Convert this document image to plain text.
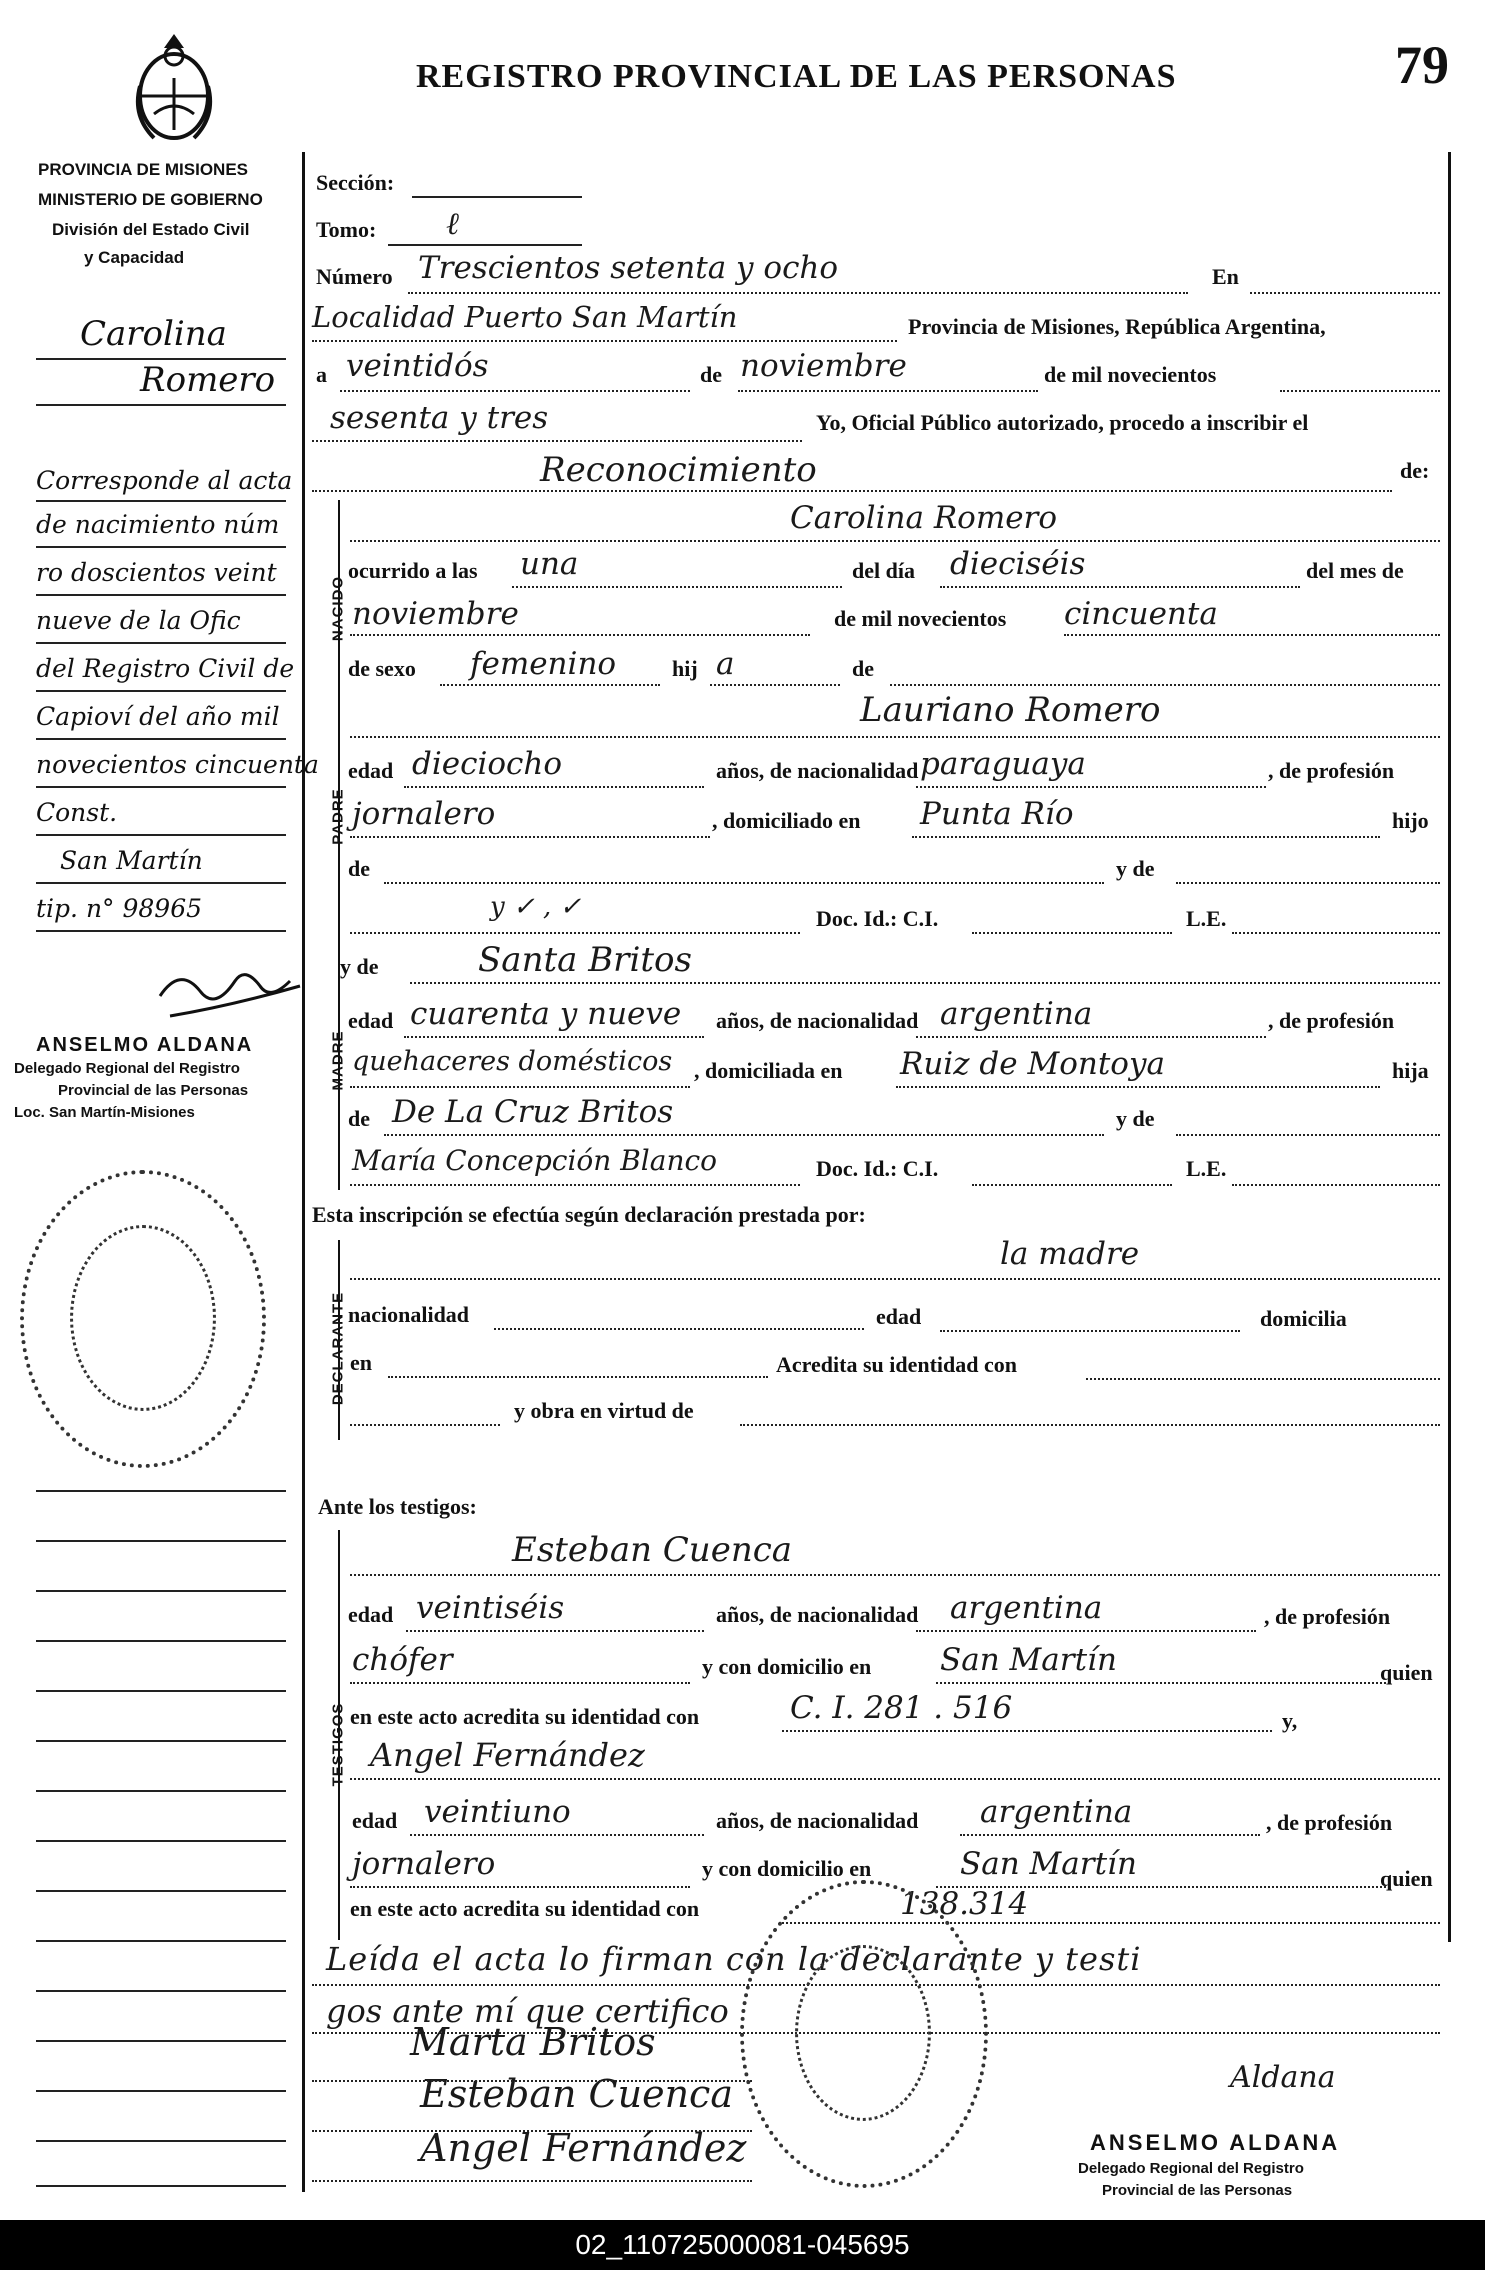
REGISTRO PROVINCIAL DE LAS PERSONAS	79
PROVINCIA DE MISIONES
MINISTERIO DE GOBIERNO
División del Estado Civil
y Capacidad
Carolina
Romero
Corresponde al acta
de nacimiento núm
ro doscientos veint
nueve de la Ofic
del Registro Civil de
Capioví del año mil
novecientos cincuenta
Const.
San Martín
tip. n° 98965
ANSELMO ALDANA
Delegado Regional del Registro
Provincial de las Personas
Loc. San Martín-Misiones
Sección:
Tomo: ℓ
Número Trescientos setenta y ocho	En
Localidad Puerto San Martín	Provincia de Misiones, República Argentina,
a veintidós	de noviembre	de mil novecientos
sesenta y tres	Yo, Oficial Público autorizado, procedo a inscribir el
Reconocimiento	de:
NACIDO
Carolina Romero
ocurrido a las una	del día dieciséis	del mes de
noviembre	de mil novecientos cincuenta
de sexo femenino	hij a	de
PADRE
Lauriano Romero
edad dieciocho	años, de nacionalidad paraguaya	, de profesión
jornalero	, domiciliado en Punta Río	hijo
de	y de
y ✓ , ✓	Doc. Id.: C.I.	L.E.
MADRE
y de	Santa Britos
edad cuarenta y nueve años, de nacionalidad argentina	, de profesión
quehaceres domésticos , domiciliada en Ruiz de Montoya	hija
de De La Cruz Britos	y de
María Concepción Blanco	Doc. Id.: C.I.	L.E.
Esta inscripción se efectúa según declaración prestada por:
DECLARANTE
la madre
nacionalidad	edad	domicilia
en	Acredita su identidad con
y obra en virtud de
Ante los testigos:
TESTIGOS
Esteban Cuenca
edad veintiséis	años, de nacionalidad argentina	, de profesión
chófer	y con domicilio en San Martín	quien
en este acto acredita su identidad con	C. I. 281 . 516	y,
Angel Fernández
edad veintiuno	años, de nacionalidad argentina	, de profesión
jornalero	y con domicilio en	San Martín	quien
en este acto acredita su identidad con	138.314
Leída el acta lo firman con la declarante y testi
gos ante mí que certifico
Marta Britos
Esteban Cuenca
Angel Fernández
Aldana
ANSELMO ALDANA
Delegado Regional del Registro
Provincial de las Personas
02_110725000081-045695
